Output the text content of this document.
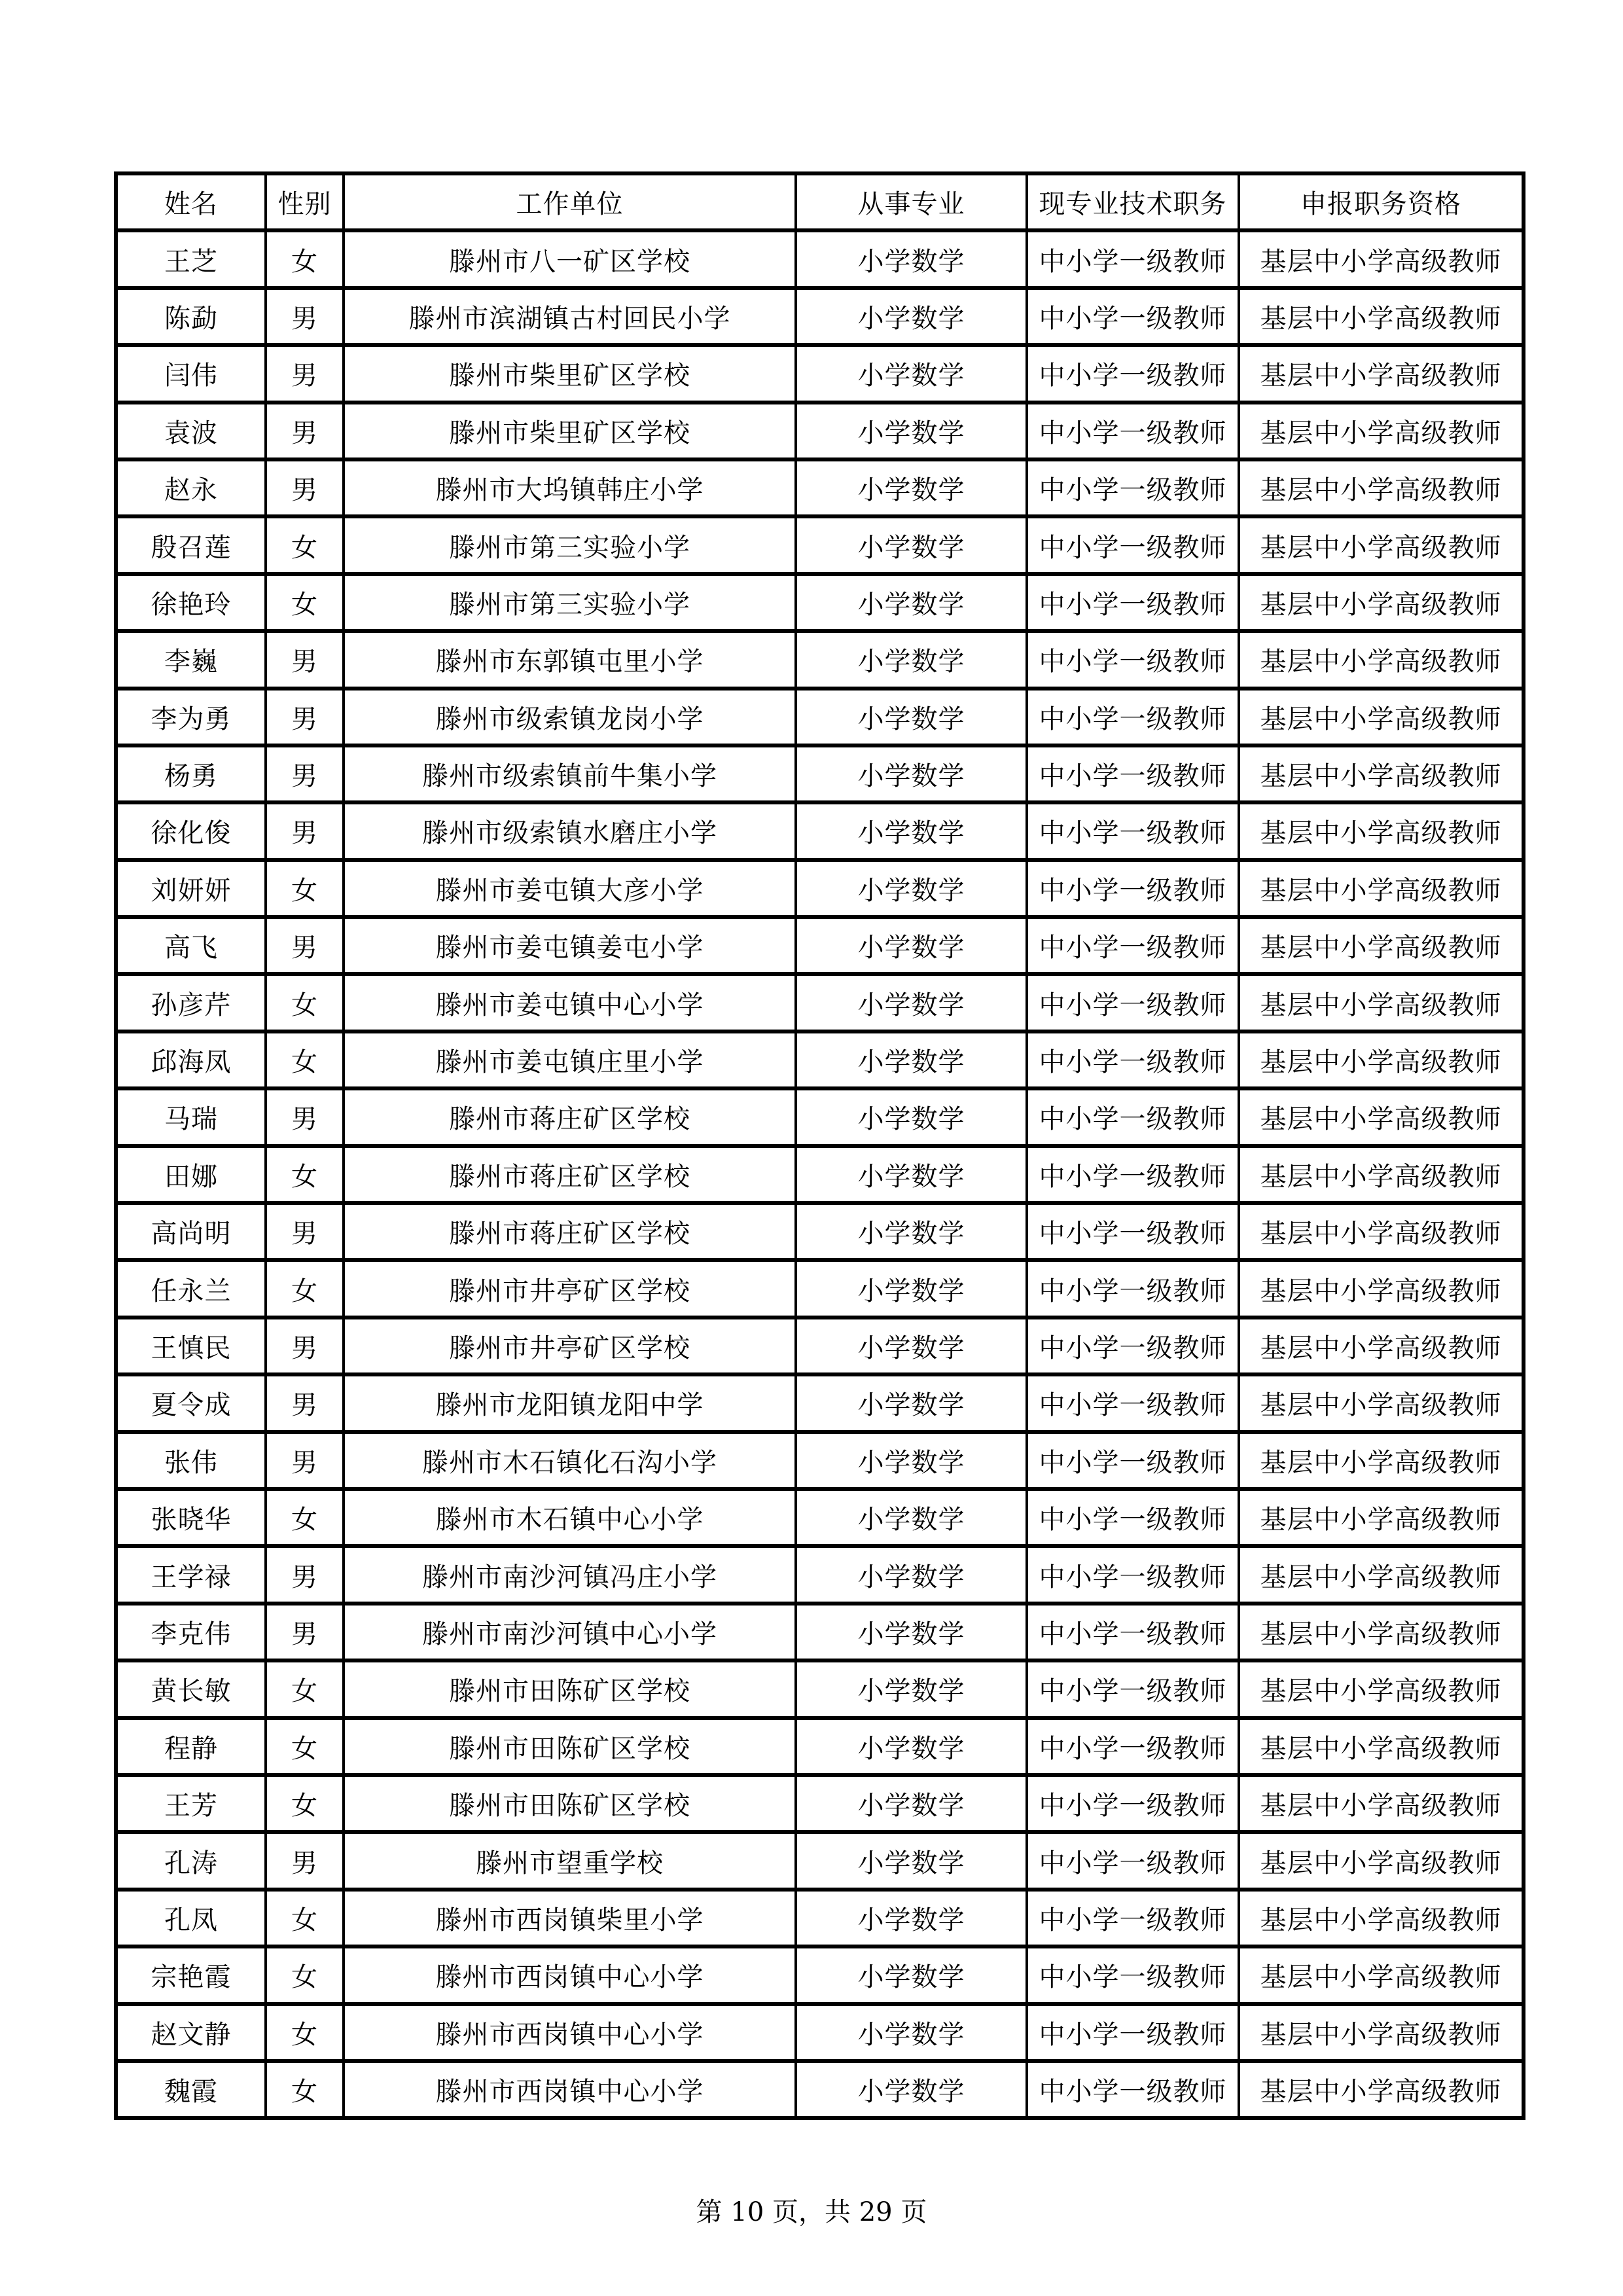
姓名	性别	工作单位	从事专业	现专业技术职务	申报职务资格
王芝	女	滕州市八一矿区学校	小学数学	中小学一级教师	基层中小学高级教师
陈勐	男	滕州市滨湖镇古村回民小学	小学数学	中小学一级教师	基层中小学高级教师
闫伟	男	滕州市柴里矿区学校	小学数学	中小学一级教师	基层中小学高级教师
袁波	男	滕州市柴里矿区学校	小学数学	中小学一级教师	基层中小学高级教师
赵永	男	滕州市大坞镇韩庄小学	小学数学	中小学一级教师	基层中小学高级教师
殷召莲	女	滕州市第三实验小学	小学数学	中小学一级教师	基层中小学高级教师
徐艳玲	女	滕州市第三实验小学	小学数学	中小学一级教师	基层中小学高级教师
李巍	男	滕州市东郭镇屯里小学	小学数学	中小学一级教师	基层中小学高级教师
李为勇	男	滕州市级索镇龙岗小学	小学数学	中小学一级教师	基层中小学高级教师
杨勇	男	滕州市级索镇前牛集小学	小学数学	中小学一级教师	基层中小学高级教师
徐化俊	男	滕州市级索镇水磨庄小学	小学数学	中小学一级教师	基层中小学高级教师
刘妍妍	女	滕州市姜屯镇大彦小学	小学数学	中小学一级教师	基层中小学高级教师
高飞	男	滕州市姜屯镇姜屯小学	小学数学	中小学一级教师	基层中小学高级教师
孙彦芹	女	滕州市姜屯镇中心小学	小学数学	中小学一级教师	基层中小学高级教师
邱海凤	女	滕州市姜屯镇庄里小学	小学数学	中小学一级教师	基层中小学高级教师
马瑞	男	滕州市蒋庄矿区学校	小学数学	中小学一级教师	基层中小学高级教师
田娜	女	滕州市蒋庄矿区学校	小学数学	中小学一级教师	基层中小学高级教师
高尚明	男	滕州市蒋庄矿区学校	小学数学	中小学一级教师	基层中小学高级教师
任永兰	女	滕州市井亭矿区学校	小学数学	中小学一级教师	基层中小学高级教师
王慎民	男	滕州市井亭矿区学校	小学数学	中小学一级教师	基层中小学高级教师
夏令成	男	滕州市龙阳镇龙阳中学	小学数学	中小学一级教师	基层中小学高级教师
张伟	男	滕州市木石镇化石沟小学	小学数学	中小学一级教师	基层中小学高级教师
张晓华	女	滕州市木石镇中心小学	小学数学	中小学一级教师	基层中小学高级教师
王学禄	男	滕州市南沙河镇冯庄小学	小学数学	中小学一级教师	基层中小学高级教师
李克伟	男	滕州市南沙河镇中心小学	小学数学	中小学一级教师	基层中小学高级教师
黄长敏	女	滕州市田陈矿区学校	小学数学	中小学一级教师	基层中小学高级教师
程静	女	滕州市田陈矿区学校	小学数学	中小学一级教师	基层中小学高级教师
王芳	女	滕州市田陈矿区学校	小学数学	中小学一级教师	基层中小学高级教师
孔涛	男	滕州市望重学校	小学数学	中小学一级教师	基层中小学高级教师
孔凤	女	滕州市西岗镇柴里小学	小学数学	中小学一级教师	基层中小学高级教师
宗艳霞	女	滕州市西岗镇中心小学	小学数学	中小学一级教师	基层中小学高级教师
赵文静	女	滕州市西岗镇中心小学	小学数学	中小学一级教师	基层中小学高级教师
魏霞	女	滕州市西岗镇中心小学	小学数学	中小学一级教师	基层中小学高级教师
第 10 页，共 29 页
